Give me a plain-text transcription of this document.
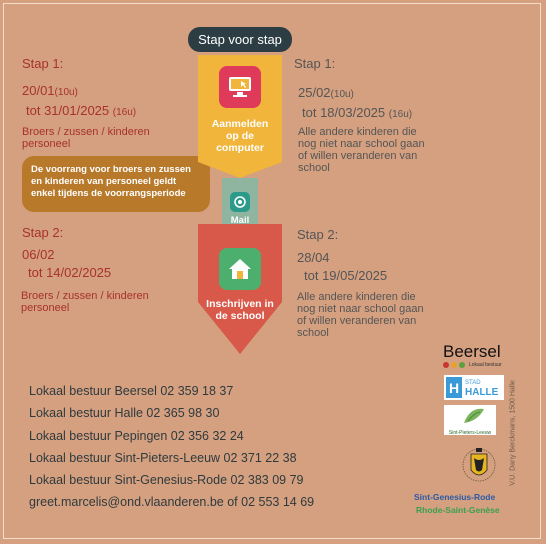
Stap voor stap
Stap 1:
20/01(10u)
tot 31/01/2025 (16u)
Broers / zussen / kinderen
personeel
De voorrang voor broers en zussen
en kinderen van personeel geldt
enkel tijdens de voorrangsperiode
Stap 2:
06/02
tot 14/02/2025
Broers / zussen / kinderen
personeel
Stap 1:
25/02(10u)
tot 18/03/2025 (16u)
Alle andere kinderen die
nog niet naar school gaan
of willen veranderen van
school
Stap 2:
28/04
tot 19/05/2025
Alle andere kinderen die
nog niet naar school gaan
of willen veranderen van
school
Aanmelden
op de
computer
Mail
Inschrijven in
de school
Lokaal bestuur Beersel 02 359 18 37
Lokaal bestuur Halle 02 365 98 30
Lokaal bestuur Pepingen 02 356 32 24
Lokaal bestuur Sint-Pieters-Leeuw 02 371 22 38
Lokaal bestuur Sint-Genesius-Rode 02 383 09 79
greet.marcelis@ond.vlaanderen.be of 02 553 14 69
Beersel
Lokaal bestuur
H STAD
HALLE
Sint-Pieters-Leeuw
Sint-Genesius-Rode
Rhode-Saint-Genèse
V.U. Dany Berckmans, 1500 Halle
